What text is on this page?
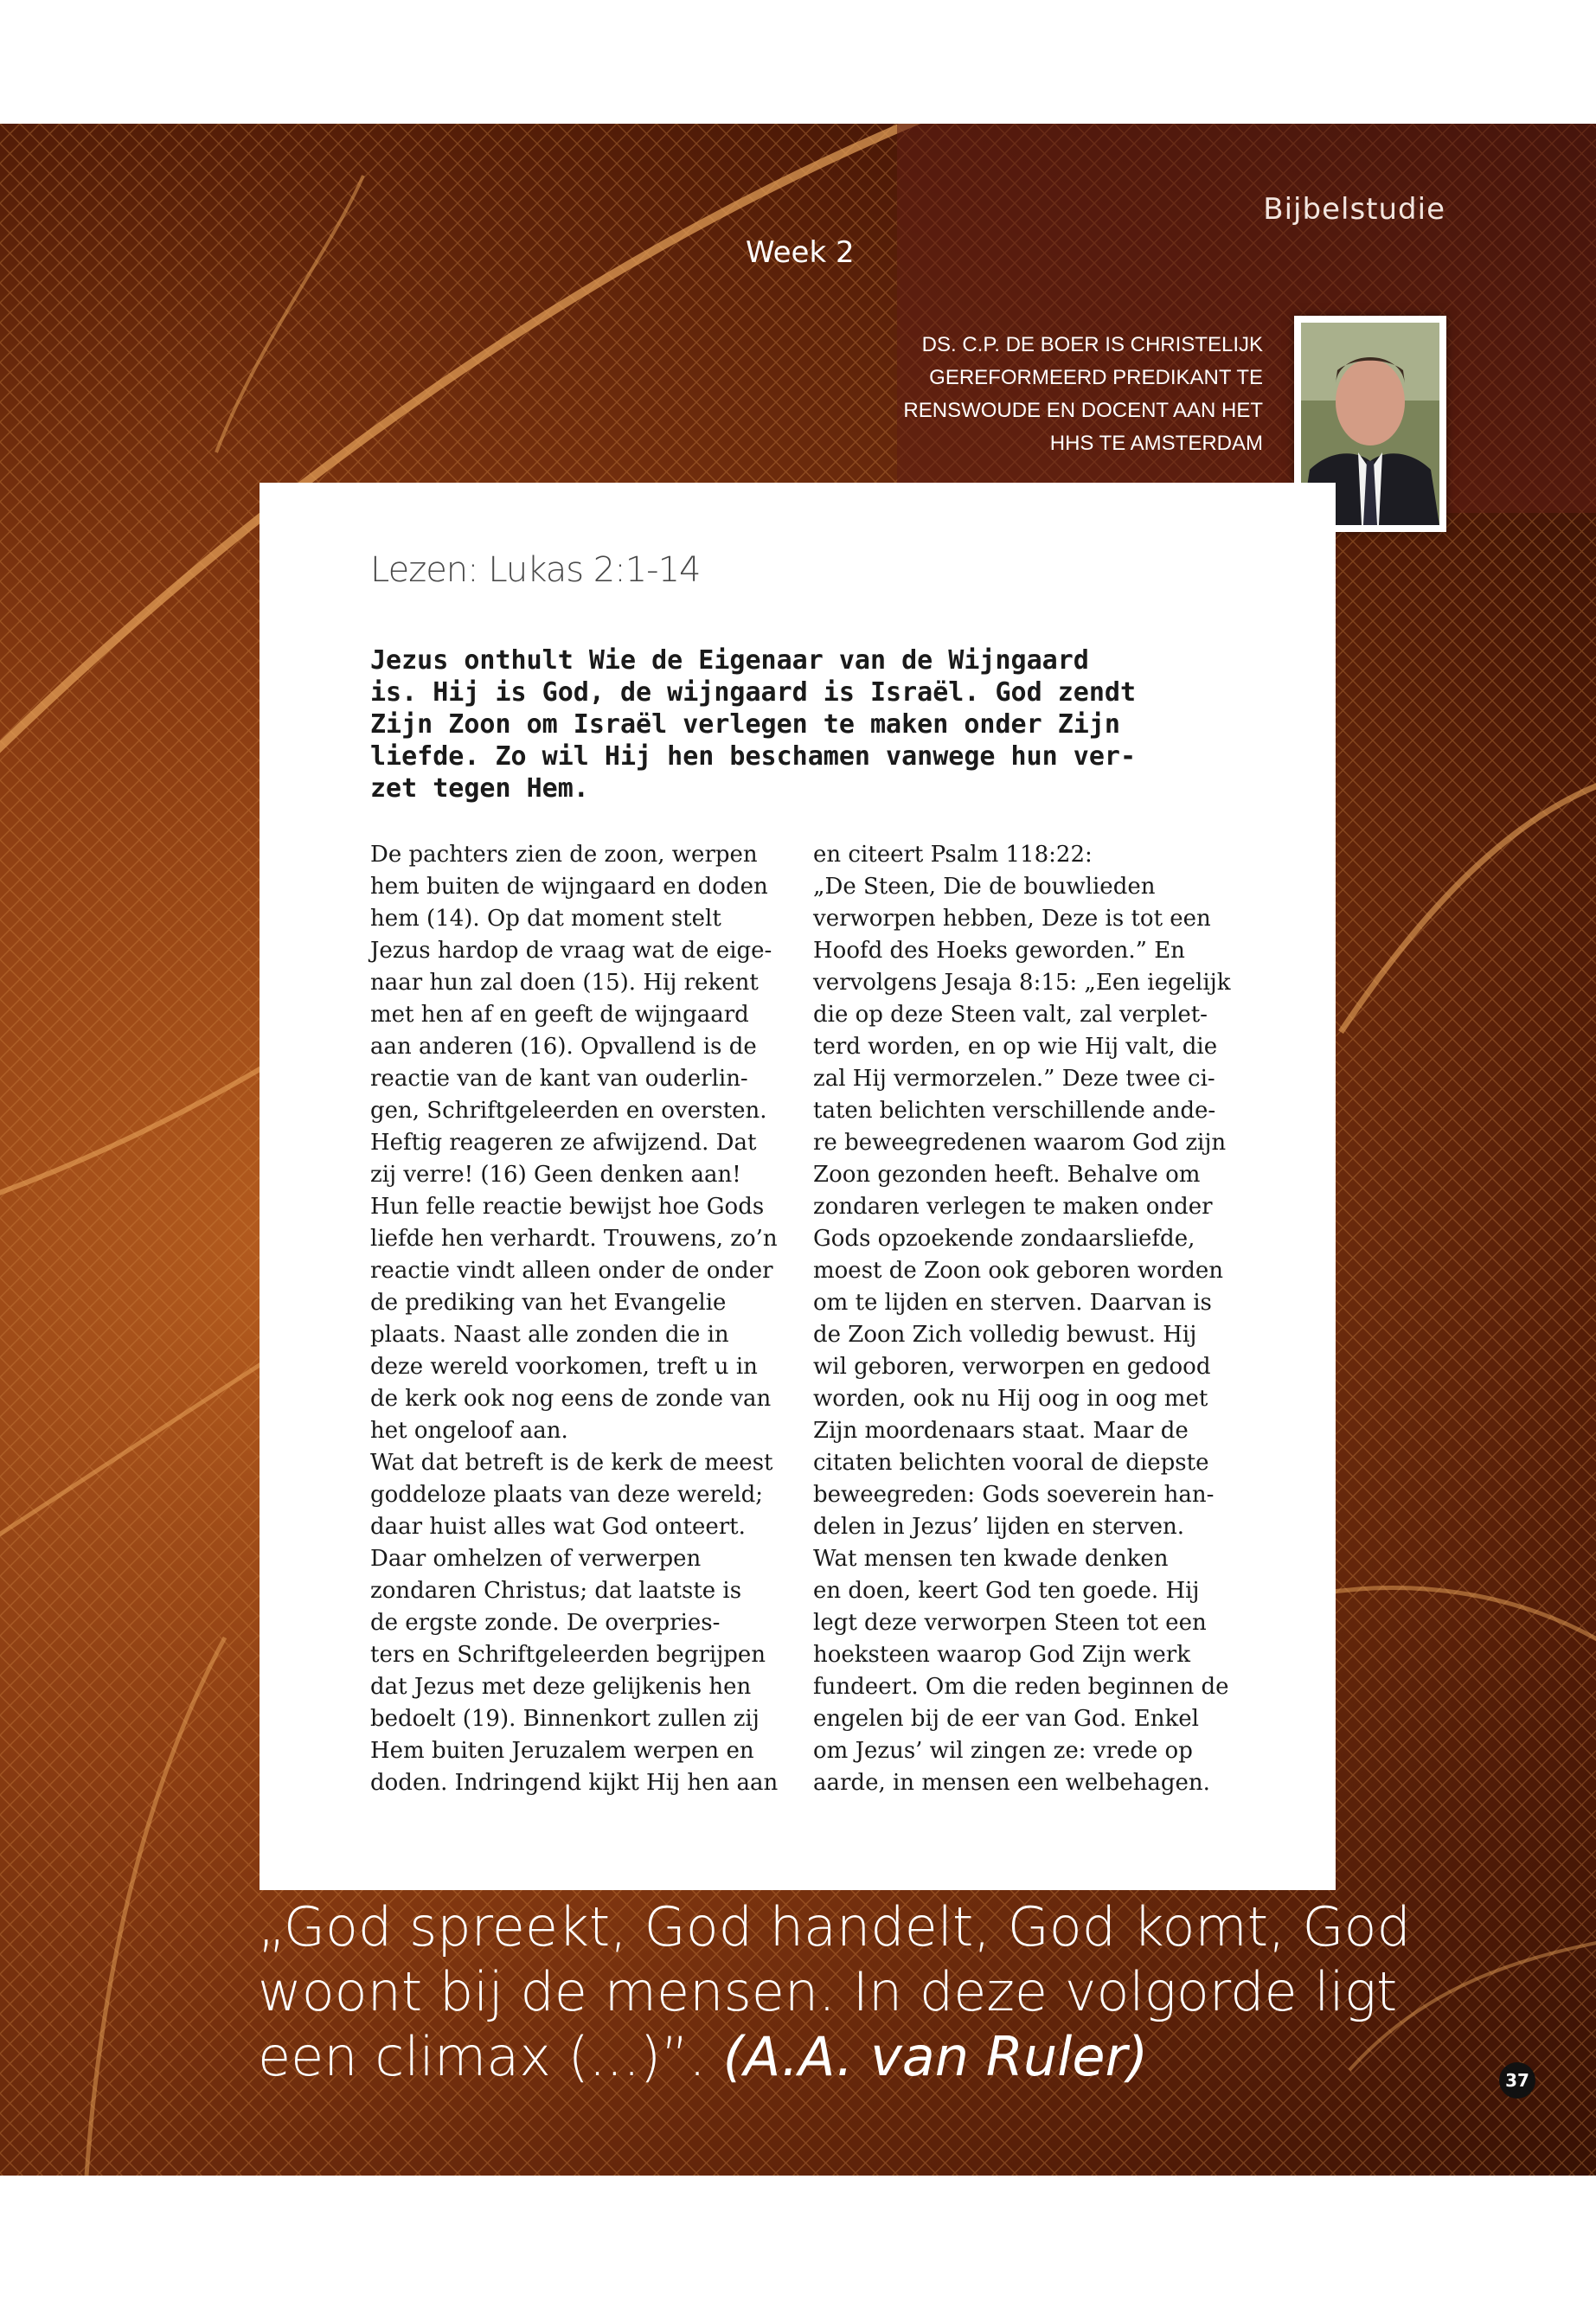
Bijbelstudie
Week 2
DS. C.P. DE BOER IS CHRISTELIJK GEREFORMEERD PREDIKANT TE RENSWOUDE EN DOCENT AAN HET HHS TE AMSTERDAM
Lezen: Lukas 2:1-14
Jezus onthult Wie de Eigenaar van de Wijngaard
is. Hij is God, de wijngaard is Israël. God zendt
Zijn Zoon om Israël verlegen te maken onder Zijn
liefde. Zo wil Hij hen beschamen vanwege hun ver-
zet tegen Hem.
De pachters zien de zoon, werpen
hem buiten de wijngaard en doden
hem (14). Op dat moment stelt
Jezus hardop de vraag wat de eige-
naar hun zal doen (15). Hij rekent
met hen af en geeft de wijngaard
aan anderen (16). Opvallend is de
reactie van de kant van ouderlin-
gen, Schriftgeleerden en oversten.
Heftig reageren ze afwijzend. Dat
zij verre! (16) Geen denken aan!
Hun felle reactie bewijst hoe Gods
liefde hen verhardt. Trouwens, zo’n
reactie vindt alleen onder de onder
de prediking van het Evangelie
plaats. Naast alle zonden die in
deze wereld voorkomen, treft u in
de kerk ook nog eens de zonde van
het ongeloof aan.
Wat dat betreft is de kerk de meest
goddeloze plaats van deze wereld;
daar huist alles wat God onteert.
Daar omhelzen of verwerpen
zondaren Christus; dat laatste is
de ergste zonde. De overpries-
ters en Schriftgeleerden begrijpen
dat Jezus met deze gelijkenis hen
bedoelt (19). Binnenkort zullen zij
Hem buiten Jeruzalem werpen en
doden. Indringend kijkt Hij hen aan
en citeert Psalm 118:22:
„De Steen, Die de bouwlieden
verworpen hebben, Deze is tot een
Hoofd des Hoeks geworden.” En
vervolgens Jesaja 8:15: „Een iegelijk
die op deze Steen valt, zal verplet-
terd worden, en op wie Hij valt, die
zal Hij vermorzelen.” Deze twee ci-
taten belichten verschillende ande-
re beweegredenen waarom God zijn
Zoon gezonden heeft. Behalve om
zondaren verlegen te maken onder
Gods opzoekende zondaarsliefde,
moest de Zoon ook geboren worden
om te lijden en sterven. Daarvan is
de Zoon Zich volledig bewust. Hij
wil geboren, verworpen en gedood
worden, ook nu Hij oog in oog met
Zijn moordenaars staat. Maar de
citaten belichten vooral de diepste
beweegreden: Gods soeverein han-
delen in Jezus’ lijden en sterven.
Wat mensen ten kwade denken
en doen, keert God ten goede. Hij
legt deze verworpen Steen tot een
hoeksteen waarop God Zijn werk
fundeert. Om die reden beginnen de
engelen bij de eer van God. Enkel
om Jezus’ wil zingen ze: vrede op
aarde, in mensen een welbehagen.
„God spreekt, God handelt, God komt, God
woont bij de mensen. In deze volgorde ligt
een climax (...)”. (A.A. van Ruler)	37
